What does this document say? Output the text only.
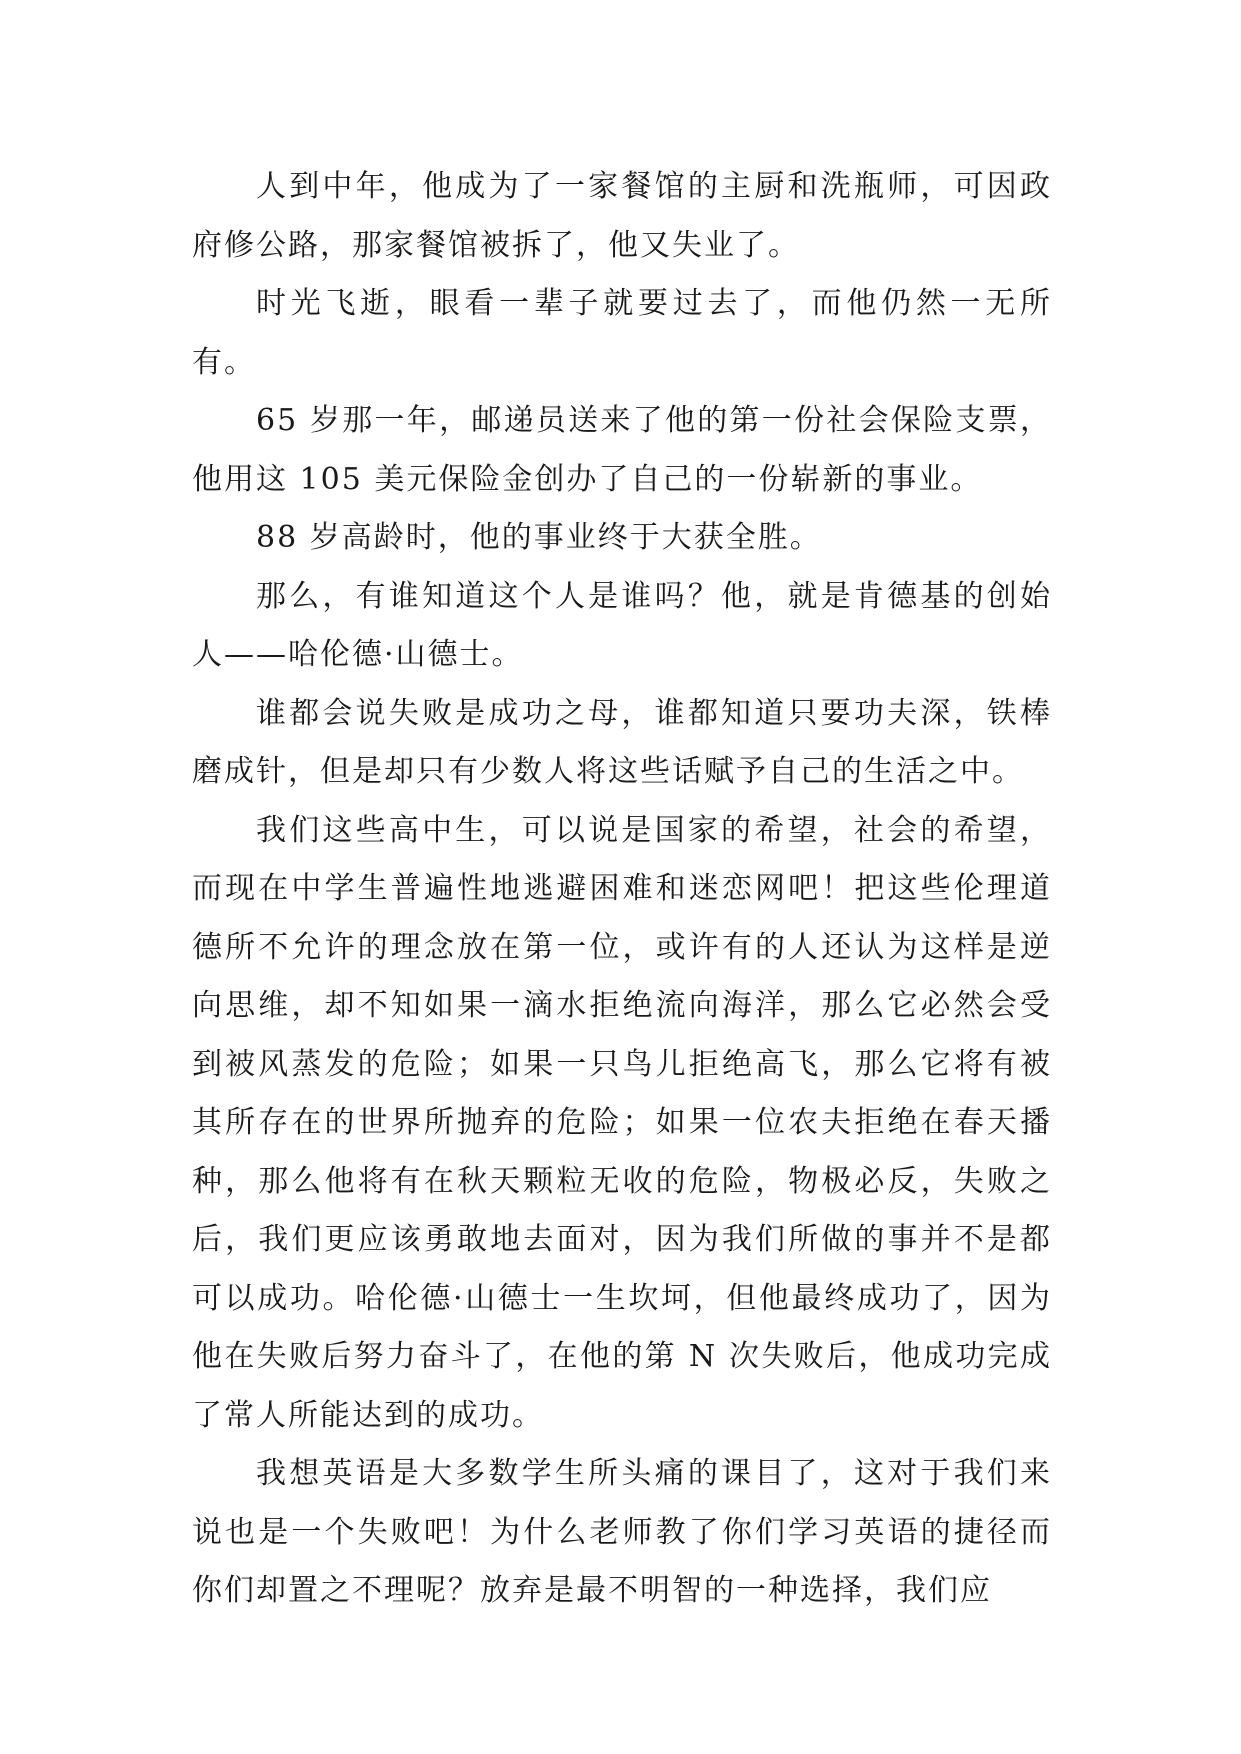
人到中年，他成为了一家餐馆的主厨和洗瓶师，可因政府修公路，那家餐馆被拆了，他又失业了。

时光飞逝，眼看一辈子就要过去了，而他仍然一无所有。

65 岁那一年，邮递员送来了他的第一份社会保险支票，他用这 105 美元保险金创办了自己的一份崭新的事业。

88 岁高龄时，他的事业终于大获全胜。

那么，有谁知道这个人是谁吗？他，就是肯德基的创始人——哈伦德·山德士。

谁都会说失败是成功之母，谁都知道只要功夫深，铁棒磨成针，但是却只有少数人将这些话赋予自己的生活之中。

我们这些高中生，可以说是国家的希望，社会的希望，而现在中学生普遍性地逃避困难和迷恋网吧！把这些伦理道德所不允许的理念放在第一位，或许有的人还认为这样是逆向思维，却不知如果一滴水拒绝流向海洋，那么它必然会受到被风蒸发的危险；如果一只鸟儿拒绝高飞，那么它将有被其所存在的世界所抛弃的危险；如果一位农夫拒绝在春天播种，那么他将有在秋天颗粒无收的危险，物极必反，失败之后，我们更应该勇敢地去面对，因为我们所做的事并不是都可以成功。哈伦德·山德士一生坎坷，但他最终成功了，因为他在失败后努力奋斗了，在他的第 N 次失败后，他成功完成了常人所能达到的成功。

我想英语是大多数学生所头痛的课目了，这对于我们来说也是一个失败吧！为什么老师教了你们学习英语的捷径而你们却置之不理呢？放弃是最不明智的一种选择，我们应
